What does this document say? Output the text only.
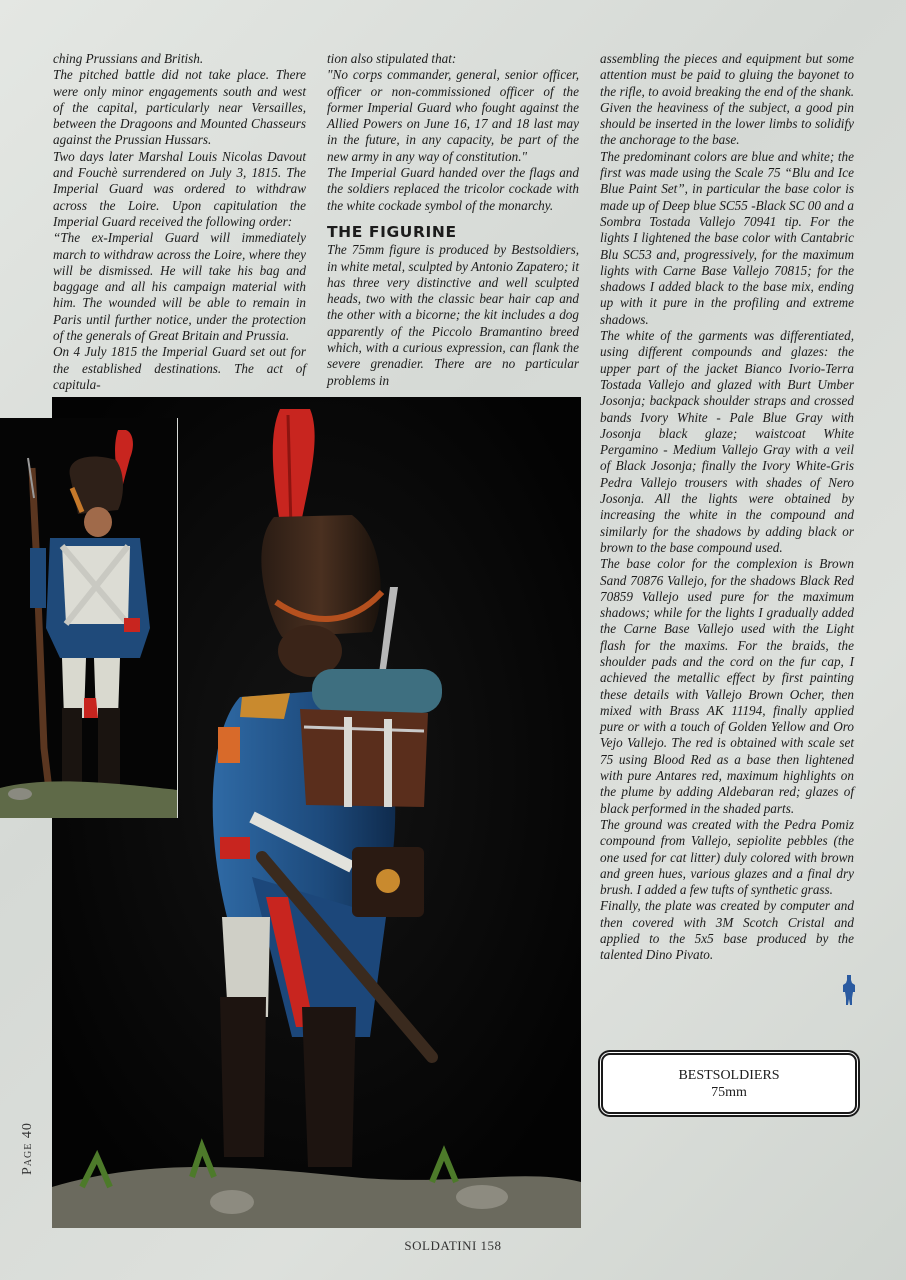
ching Prussians and British.

The pitched battle did not take place. There were only minor engagements south and west of the capital, particularly near Versailles, between the Dragoons and Mounted Chasseurs against the Prussian Hussars.

Two days later Marshal Louis Nicolas Davout and Fouchè surrendered on July 3, 1815. The Imperial Guard was ordered to withdraw across the Loire. Upon capitulation the Imperial Guard received the following order:

“The ex-Imperial Guard will immediately march to withdraw across the Loire, where they will be dismissed. He will take his bag and baggage and all his campaign material with him. The wounded will be able to remain in Paris until further notice, under the protection of the generals of Great Britain and Prussia.

On 4 July 1815 the Imperial Guard set out for the established destinations. The act of capitula-

tion also stipulated that:

"No corps commander, general, senior officer, officer or non-commissioned officer of the former Imperial Guard who fought against the Allied Powers on June 16, 17 and 18 last may in the future, in any capacity, be part of the new army in any way of constitution."

The Imperial Guard handed over the flags and the soldiers replaced the tricolor cockade with the white cockade symbol of the monarchy.

THE FIGURINE

The 75mm figure is produced by Bestsoldiers, in white metal, sculpted by Antonio Zapatero; it has three very distinctive and well sculpted heads, two with the classic bear hair cap and the other with a bicorne; the kit includes a dog apparently of the Piccolo Bramantino breed which, with a curious expression, can flank the severe grenadier. There are no particular problems in

assembling the pieces and equipment but some attention must be paid to gluing the bayonet to the rifle, to avoid breaking the end of the shank. Given the heaviness of the subject, a good pin should be inserted in the lower limbs to solidify the anchorage to the base.

The predominant colors are blue and white; the first was made using the Scale 75 “Blu and Ice Blue Paint Set”, in particular the base color is made up of Deep blue SC55 -Black SC 00 and a Sombra Tostada Vallejo 70941 tip. For the lights I lightened the base color with Cantabric Blu SC53 and, progressively, for the maximum lights with Carne Base Vallejo 70815; for the shadows I added black to the base mix, ending up with it pure in the profiling and extreme shadows.

The white of the garments was differentiated, using different compounds and glazes: the upper part of the jacket Bianco Ivorio-Terra Tostada Vallejo and glazed with Burt Umber Josonja; backpack shoulder straps and crossed bands Ivory White - Pale Blue Gray with Josonja black glaze; waistcoat White Pergamino - Medium Vallejo Gray with a veil of Black Josonja; finally the Ivory White-Gris Pedra Vallejo trousers with shades of Nero Josonja. All the lights were obtained by increasing the white in the compound and similarly for the shadows by adding black or brown to the base compound used.

The base color for the complexion is Brown Sand 70876 Vallejo, for the shadows Black Red 70859 Vallejo used pure for the maximum shadows; while for the lights I gradually added the Carne Base Vallejo used with the Light flash for the maxims. For the braids, the shoulder pads and the cord on the fur cap, I achieved the metallic effect by first painting these details with Vallejo Brown Ocher, then mixed with Brass AK 11194, finally applied pure or with a touch of Golden Yellow and Oro Vejo Vallejo. The red is obtained with scale set 75 using Blood Red as a base then lightened with pure Antares red, maximum highlights on the plume by adding Aldebaran red; glazes of black performed in the shaded parts.

The ground was created with the Pedra Pomiz compound from Vallejo, sepiolite pebbles (the one used for cat litter) duly colored with brown and green hues, various glazes and a final dry brush. I added a few tufts of synthetic grass.

Finally, the plate was created by computer and then covered with 3M Scotch Cristal and applied to the 5x5 base produced by the talented Dino Pivato.

BESTSOLDIERS
75mm
Page 40
SOLDATINI 158
